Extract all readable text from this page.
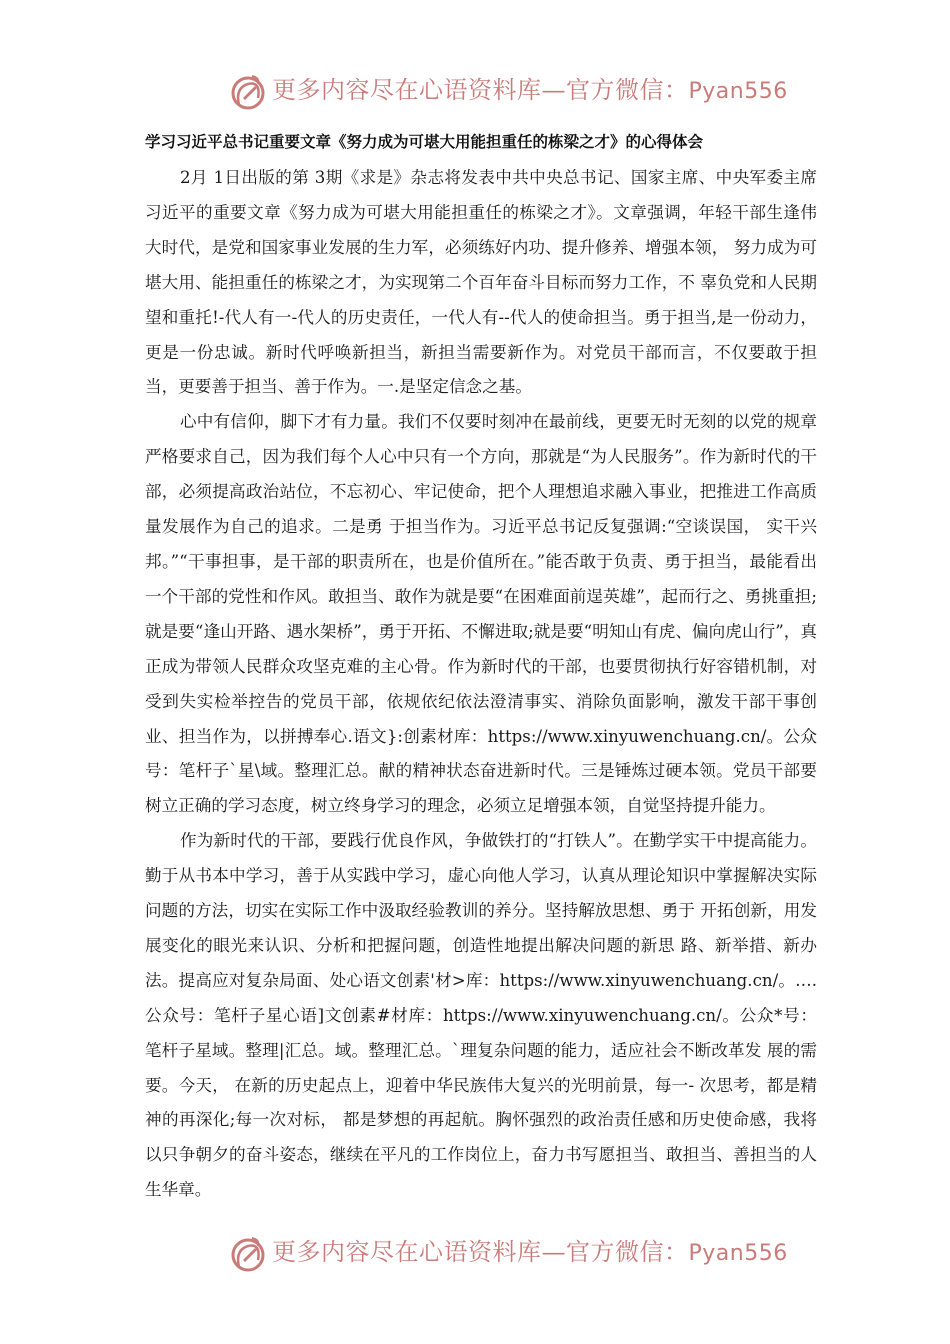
更多内容尽在心语资料库—官方微信：Pyan556
学习习近平总书记重要文章《努力成为可堪大用能担重任的栋梁之才》的心得体会

2月 1日出版的第 3期《求是》杂志将发表中共中央总书记、国家主席、中央军委主席习近平的重要文章《努力成为可堪大用能担重任的栋梁之才》。文章强调，年轻干部生逢伟大时代，是党和国家事业发展的生力军，必须练好内功、提升修养、增强本领， 努力成为可堪大用、能担重任的栋梁之才，为实现第二个百年奋斗目标而努力工作，不 辜负党和人民期望和重托!-代人有一-代人的历史责任，一代人有--代人的使命担当。勇于担当,是一份动力，更是一份忠诚。新时代呼唤新担当，新担当需要新作为。对党员干部而言，不仅要敢于担当，更要善于担当、善于作为。一.是坚定信念之基。

心中有信仰，脚下才有力量。我们不仅要时刻冲在最前线，更要无时无刻的以党的规章严格要求自己，因为我们每个人心中只有一个方向，那就是“为人民服务”。作为新时代的干部，必须提高政治站位，不忘初心、牢记使命，把个人理想追求融入事业，把推进工作高质量发展作为自己的追求。二是勇 于担当作为。习近平总书记反复强调:“空谈误国， 实干兴邦。”“干事担事，是干部的职责所在，也是价值所在。”能否敢于负责、勇于担当，最能看出一个干部的党性和作风。敢担当、敢作为就是要“在困难面前逞英雄”，起而行之、勇挑重担;就是要“逢山开路、遇水架桥”，勇于开拓、不懈进取;就是要“明知山有虎、偏向虎山行”，真正成为带领人民群众攻坚克难的主心骨。作为新时代的干部，也要贯彻执行好容错机制，对受到失实检举控告的党员干部，依规依纪依法澄清事实、消除负面影响，激发干部干事创业、担当作为，以拼搏奉心.语文}:创素材库：https://www.xinyuwenchuang.cn/。公众号：笔杆子`星\域。整理汇总。献的精神状态奋进新时代。三是锤炼过硬本领。党员干部要树立正确的学习态度，树立终身学习的理念，必须立足增强本领，自觉坚持提升能力。

作为新时代的干部，要践行优良作风，争做铁打的“打铁人”。在勤学实干中提高能力。勤于从书本中学习，善于从实践中学习，虚心向他人学习，认真从理论知识中掌握解决实际问题的方法，切实在实际工作中汲取经验教训的养分。坚持解放思想、勇于 开拓创新，用发展变化的眼光来认识、分析和把握问题，创造性地提出解决问题的新思 路、新举措、新办法。提高应对复杂局面、处心语文创素'材>库：https://www.xinyuwenchuang.cn/。…. 公众号：笔杆子星心语]文创素#材库：https://www.xinyuwenchuang.cn/。公众*号：笔杆子星域。整理|汇总。域。整理汇总。`理复杂问题的能力，适应社会不断改革发 展的需要。今天， 在新的历史起点上，迎着中华民族伟大复兴的光明前景，每一- 次思考，都是精神的再深化;每一次对标， 都是梦想的再起航。胸怀强烈的政治责任感和历史使命感，我将以只争朝夕的奋斗姿态，继续在平凡的工作岗位上，奋力书写愿担当、敢担当、善担当的人生华章。

更多内容尽在心语资料库—官方微信：Pyan556
